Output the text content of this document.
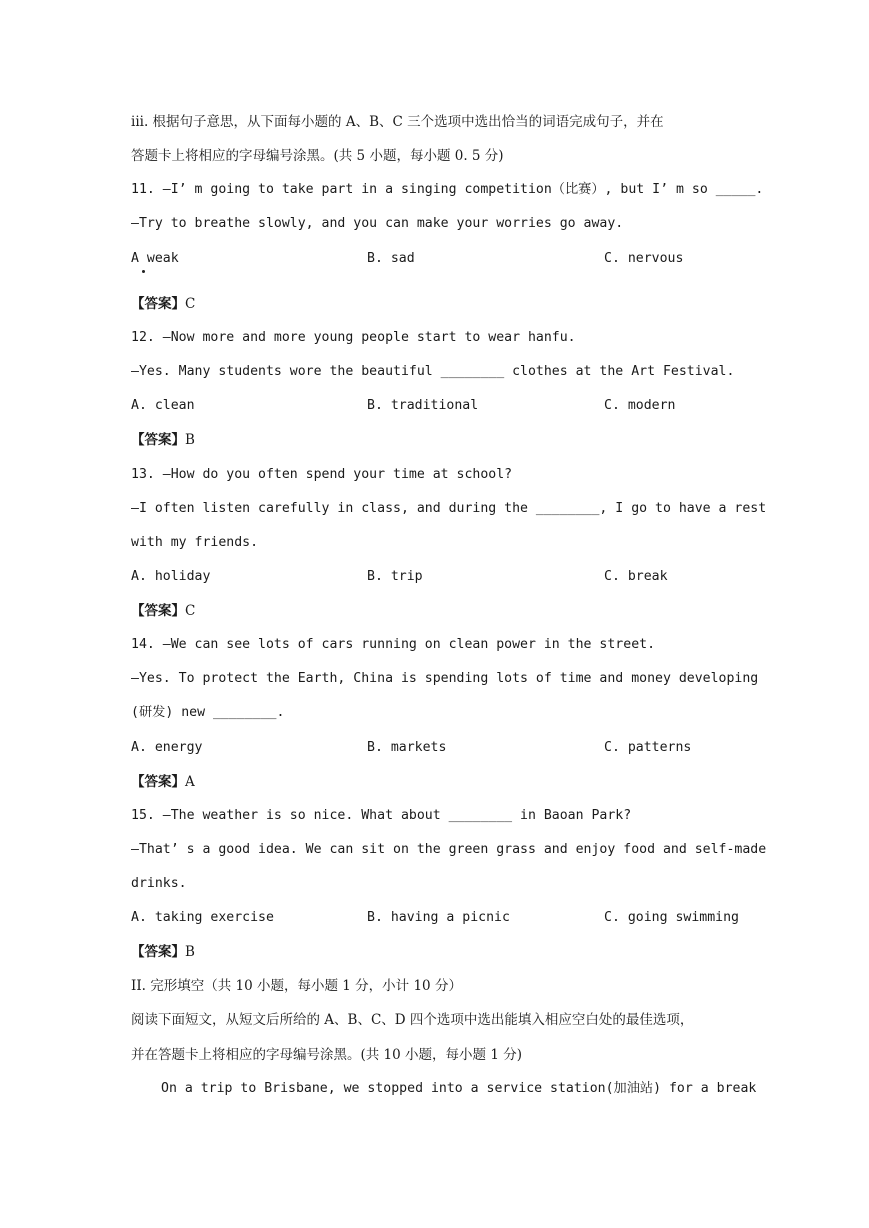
iii. 根据句子意思，从下面每小题的 A、B、C 三个选项中选出恰当的词语完成句子，并在
答题卡上将相应的字母编号涂黑。(共 5 小题，每小题 0. 5 分)
11. —I’ m going to take part in a singing competition（比赛）, but I’ m so _____.
—Try to breathe slowly, and you can make your worries go away.
A weak	B. sad	C. nervous
【答案】C
12. —Now more and more young people start to wear hanfu.
—Yes. Many students wore the beautiful ________ clothes at the Art Festival.
A. clean	B. traditional	C. modern
【答案】B
13. —How do you often spend your time at school?
—I often listen carefully in class, and during the ________, I go to have a rest
with my friends.
A. holiday	B. trip	C. break
【答案】C
14. —We can see lots of cars running on clean power in the street.
—Yes. To protect the Earth, China is spending lots of time and money developing
(研发) new ________.
A. energy	B. markets	C. patterns
【答案】A
15. —The weather is so nice. What about ________ in Baoan Park?
—That’ s a good idea. We can sit on the green grass and enjoy food and self-made
drinks.
A. taking exercise	B. having a picnic	C. going swimming
【答案】B
II. 完形填空（共 10 小题，每小题 1 分，小计 10 分）
阅读下面短文，从短文后所给的 A、B、C、D 四个选项中选出能填入相应空白处的最佳选项，
并在答题卡上将相应的字母编号涂黑。(共 10 小题，每小题 1 分)
On a trip to Brisbane, we stopped into a service station(加油站) for a break
